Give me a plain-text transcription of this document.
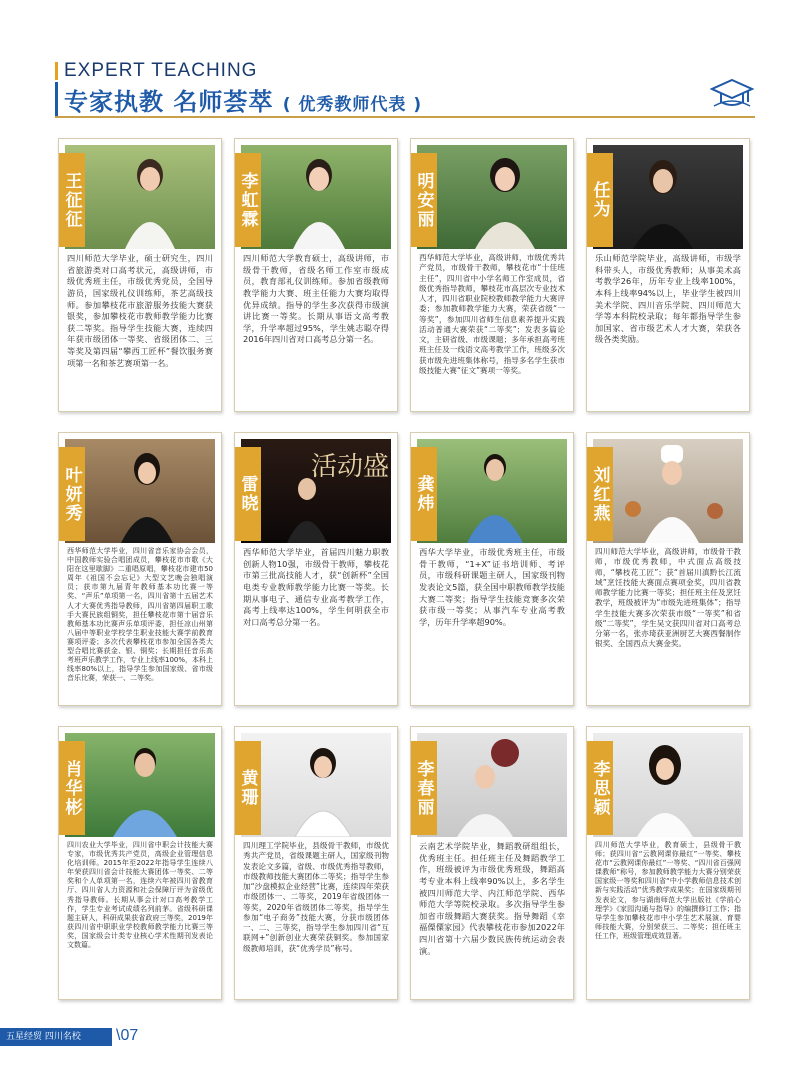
EXPERT TEACHING
专家执教 名师荟萃 ( 优秀教师代表 )
王征征
四川师范大学毕业，硕士研究生，四川省旅游类对口高考状元，高级讲师，市级优秀班主任，市级优秀党员，全国导游员，国家级礼仪训练师，茶艺高级技师。参加攀枝花市旅游服务技能大赛获银奖，参加攀枝花市教师教学能力比赛获二等奖。指导学生技能大赛，连续四年获市级团体一等奖、省级团体二、三等奖及第四届“攀西工匠杯”餐饮服务赛项第一名和茶艺赛项第一名。
李虹霖
四川师范大学教育硕士，高级讲师，市级骨干教师，省级名师工作室市级成员，教育部礼仪训练师。参加省级教师教学能力大赛、班主任能力大赛均取得优异成绩。指导的学生多次获得市级演讲比赛一等奖。长期从事语文高考教学，升学率超过95%，学生姚志聪夺得2016年四川省对口高考总分第一名。
明安丽
西华师范大学毕业，高级讲师，市级优秀共产党员，市级骨干教师，攀枝花市“十佳班主任”，四川省中小学名师工作室成员，省级优秀指导教师，攀枝花市高层次专业技术人才，四川省职业院校教师教学能力大赛评委；参加教师教学能力大赛，荣获省级“一等奖”，参加四川省师生信息素养提升实践活动普通大赛荣获“二等奖”；发表多篇论文，主研省级、市级课题；多年承担高考班班主任及一线语文高考教学工作，班级多次获市级先进班集体称号，指导多名学生获市级技能大赛“征文”赛项一等奖。
任为
乐山师范学院毕业，高级讲师，市级学科带头人，市级优秀教师；从事美术高考教学26年，历年专业上线率100%，本科上线率94%以上，毕业学生被四川美术学院、四川音乐学院、四川师范大学等本科院校录取；每年都指导学生参加国家、省市级艺术人才大赛，荣获各级各类奖励。
叶妍秀
西华师范大学毕业，四川省音乐家协会会员，中国教师实验合唱团成员，攀枝花市市歌《大阳在这里歇脚》二重唱原唱，攀枝花市建市50周年《祖国不会忘记》大型文艺晚会独唱演员；获市第九届青年教师基本功比赛一等奖、“声乐”单项第一名，四川省第十五届艺术人才大赛优秀指导教师，四川省第四届职工歌手大赛民族组铜奖，担任攀枝花市第十届音乐教师基本功比赛声乐单项评委，担任凉山州第八届中等职业学校学生职业技能大赛学前教育赛项评委；多次代表攀枝花市参加全国各类大型合唱比赛获金、银、铜奖；长期担任音乐高考班声乐教学工作，专业上线率100%，本科上线率80%以上，指导学生参加国家级、省市级音乐比赛，荣获一、二等奖。
活动盛
雷晓
西华师范大学毕业，首届四川魅力职教创新人物10强，市级骨干教师，攀枝花市第三批高技能人才，获“创新杯”全国电类专业教师教学能力比赛一等奖。长期从事电子、通信专业高考教学工作，高考上线率达100%，学生何明获全市对口高考总分第一名。
龚炜
西华大学毕业，市级优秀班主任，市级骨干教师，“1+X”证书培训师、考评员，市级科研课题主研人，国家级刊物发表论文5篇，获全国中职教师教学技能大赛二等奖；指导学生技能竞赛多次荣获市级一等奖；从事汽车专业高考教学，历年升学率超90%。
刘红燕
四川师范大学毕业，高级讲师，市级骨干教师，市级优秀教师，中式面点高级技师，“攀枝花工匠”；获“首届川滇黔长江流域”烹饪技能大赛面点赛项金奖，四川省教师教学能力比赛一等奖；担任班主任及烹饪教学，班级被评为“市级先进班集体”；指导学生技能大赛多次荣获市级“一等奖”和省级“二等奖”，学生吴文获四川省对口高考总分第一名，张亦琦获亚洲厨艺大赛西餐制作银奖、全国西点大赛金奖。
肖华彬
四川农业大学毕业，四川省中职会计技能大赛专家，市级优秀共产党员，高级企业管理信息化培训师。2015年至2022年指导学生连续八年荣获四川省会计技能大赛团体一等奖、二等奖和个人单项第一名，连续六年被四川省教育厅、四川省人力资源和社会保障厅评为省级优秀指导教师。长期从事会计对口高考教学工作，学生专业考试成绩名列前茅。省级科研课题主研人，科研成果获省政府三等奖，2019年获四川省中职职业学校教师教学能力比赛三等奖，国家级会计类专业核心学术性期刊发表论文数篇。
黄珊
四川理工学院毕业，县级骨干教师，市级优秀共产党员，省级课题主研人，国家级刊物发表论文多篇，省级、市级优秀指导教师，市级教师技能大赛团体二等奖；指导学生参加“沙盘模拟企业经营”比赛，连续四年荣获市级团体一、二等奖，2019年省级团体一等奖，2020年省级团体二等奖，指导学生参加“电子商务”技能大赛，分获市级团体一、二、三等奖，指导学生参加四川省“互联网+”创新创业大赛荣获铜奖。参加国家级教师培训，获“优秀学员”称号。
李春丽
云南艺术学院毕业，舞蹈教研组组长，优秀班主任。担任班主任及舞蹈教学工作，班级被评为市级优秀班级，舞蹈高考专业本科上线率90%以上，多名学生被四川师范大学、内江师范学院、西华师范大学等院校录取。多次指导学生参加省市级舞蹈大赛获奖。指导舞蹈《幸福傈僳家园》代表攀枝花市参加2022年四川省第十六届少数民族传统运动会表演。
李思颖
四川师范大学毕业，教育硕士，县级骨干教师；获四川省“云教网课你最红”一等奖、攀枝花市“云教网课你最红”一等奖、“四川省百强网课教师”称号，参加教师教学能力大赛分别荣获国家级一等奖和四川省“中小学教师信息技术创新与实践活动”优秀教学成果奖；在国家级期刊发表论文，参与湖南师范大学出版社《学前心理学》《家园沟通与指导》的编撰修订工作；指导学生参加攀枝花市中小学生艺术展演、育婴师技能大赛，分别荣获三、二等奖；担任班主任工作，班级管理成效显著。
五星经贸 四川名校	\07
